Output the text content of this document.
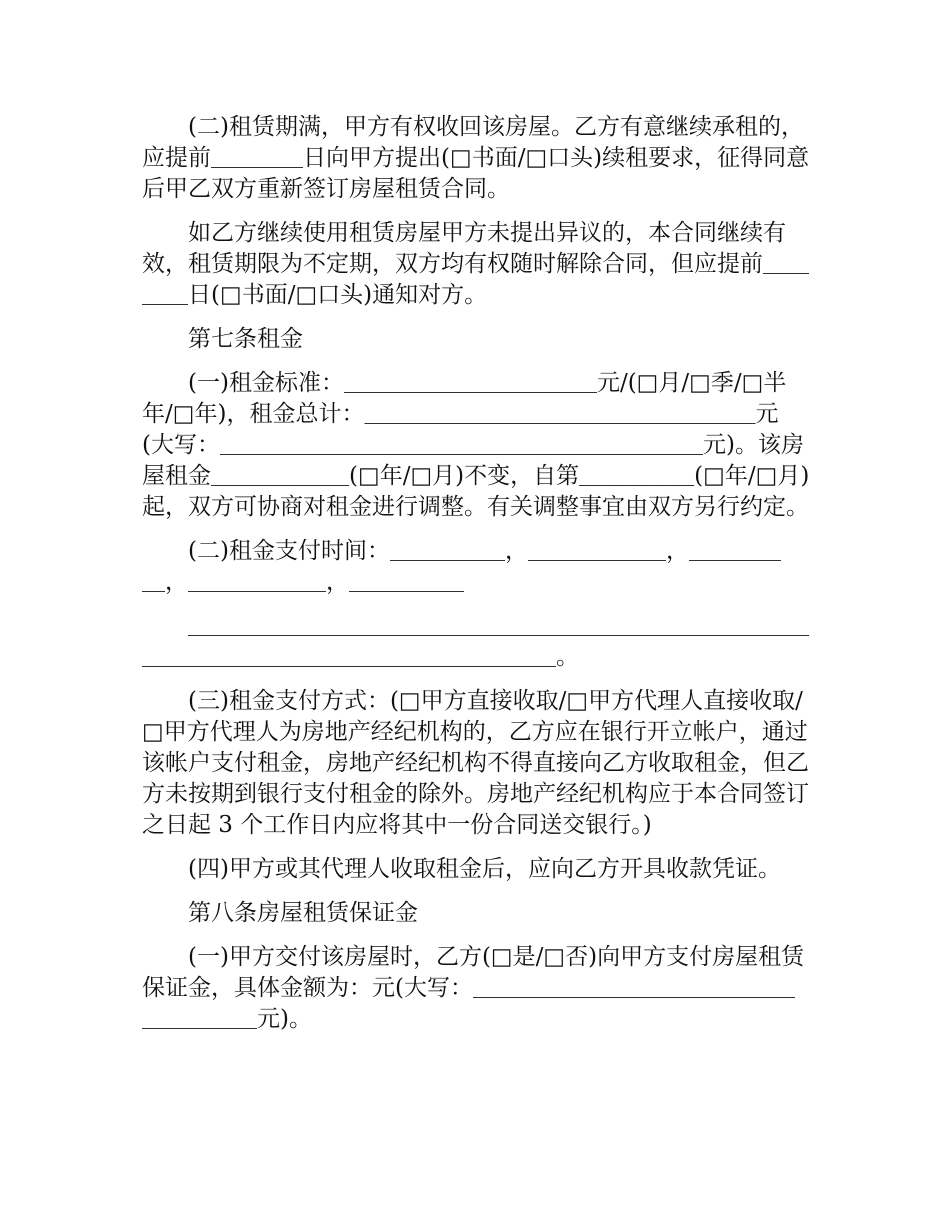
(二)租赁期满，甲方有权收回该房屋。乙方有意继续承租的，应提前＿＿＿＿日向甲方提出(□书面/□口头)续租要求，征得同意后甲乙双方重新签订房屋租赁合同。

如乙方继续使用租赁房屋甲方未提出异议的，本合同继续有效，租赁期限为不定期，双方均有权随时解除合同，但应提前＿＿＿＿日(□书面/□口头)通知对方。

第七条租金

(一)租金标准：＿＿＿＿＿＿＿＿＿＿＿元/(□月/□季/□半年/□年)，租金总计：＿＿＿＿＿＿＿＿＿＿＿＿＿＿＿＿＿元(大写：＿＿＿＿＿＿＿＿＿＿＿＿＿＿＿＿＿＿＿＿＿元)。该房屋租金＿＿＿＿＿＿(□年/□月)不变，自第＿＿＿＿＿(□年/□月)起，双方可协商对租金进行调整。有关调整事宜由双方另行约定。

(二)租金支付时间：＿＿＿＿＿，＿＿＿＿＿＿，＿＿＿＿＿，＿＿＿＿＿＿，＿＿＿＿＿

＿＿＿＿＿＿＿＿＿＿＿＿＿＿＿＿＿＿＿＿＿＿＿＿＿＿＿＿＿＿＿＿＿＿＿＿＿＿＿＿＿＿＿＿＿。

(三)租金支付方式：(□甲方直接收取/□甲方代理人直接收取/□甲方代理人为房地产经纪机构的，乙方应在银行开立帐户，通过该帐户支付租金，房地产经纪机构不得直接向乙方收取租金，但乙方未按期到银行支付租金的除外。房地产经纪机构应于本合同签订之日起 3 个工作日内应将其中一份合同送交银行。)

(四)甲方或其代理人收取租金后，应向乙方开具收款凭证。

第八条房屋租赁保证金

(一)甲方交付该房屋时，乙方(□是/□否)向甲方支付房屋租赁保证金，具体金额为：元(大写：＿＿＿＿＿＿＿＿＿＿＿＿＿＿＿＿＿＿＿元)。
